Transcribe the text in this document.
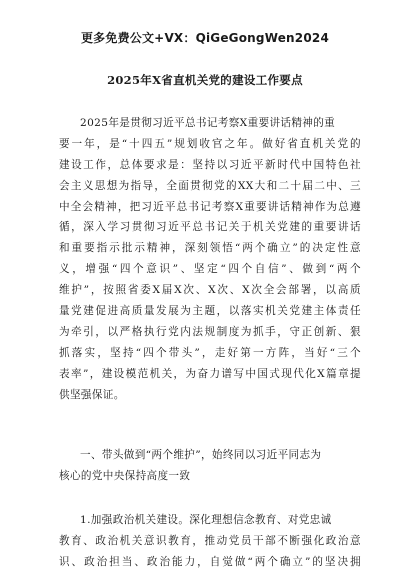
更多免费公文+VX：QiGeGongWen2024
2025年X省直机关党的建设工作要点
2025年是贯彻习近平总书记考察X重要讲话精神的重
要一年，是“十四五”规划收官之年。做好省直机关党的
建设工作，总体要求是：坚持以习近平新时代中国特色社
会主义思想为指导，全面贯彻党的XX大和二十届二中、三
中全会精神，把习近平总书记考察X重要讲话精神作为总遵
循，深入学习贯彻习近平总书记关于机关党建的重要讲话
和重要指示批示精神，深刻领悟“两个确立”的决定性意
义，增强“四个意识”、坚定“四个自信”、做到“两个
维护”，按照省委X届X次、X次、X次全会部署，以高质
量党建促进高质量发展为主题，以落实机关党建主体责任
为牵引，以严格执行党内法规制度为抓手，守正创新、狠
抓落实，坚持“四个带头”，走好第一方阵，当好“三个
表率”，建设模范机关，为奋力谱写中国式现代化X篇章提
供坚强保证。
一、带头做到“两个维护”，始终同以习近平同志为
核心的党中央保持高度一致
1.加强政治机关建设。深化理想信念教育、对党忠诚
教育、政治机关意识教育，推动党员干部不断强化政治意
识、政治担当、政治能力，自觉做“两个确立”的坚决拥
